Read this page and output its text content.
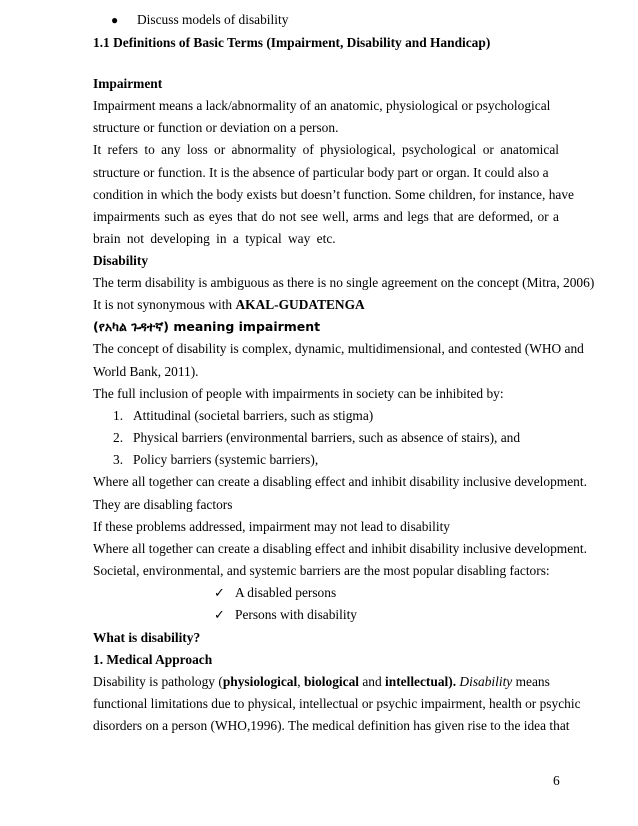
● Discuss models of disability
1.1 Definitions of Basic Terms (Impairment, Disability and Handicap)
Impairment
Impairment means a lack/abnormality of an anatomic, physiological or psychological
structure or function or deviation on a person.
It refers to any loss or abnormality of physiological, psychological or anatomical
structure or function. It is the absence of particular body part or organ. It could also a
condition in which the body exists but doesn’t function. Some children, for instance, have
impairments such as eyes that do not see well, arms and legs that are deformed, or a
brain not developing in a typical way etc.
Disability
The term disability is ambiguous as there is no single agreement on the concept (Mitra, 2006)
It is not synonymous with AKAL-GUDATENGA
(የአካል ጉዳተኛ) meaning impairment
The concept of disability is complex, dynamic, multidimensional, and contested (WHO and
World Bank, 2011).
The full inclusion of people with impairments in society can be inhibited by:
1. Attitudinal (societal barriers, such as stigma)
2. Physical barriers (environmental barriers, such as absence of stairs), and
3. Policy barriers (systemic barriers),
Where all together can create a disabling effect and inhibit disability inclusive development.
They are disabling factors
If these problems addressed, impairment may not lead to disability
Where all together can create a disabling effect and inhibit disability inclusive development.
Societal, environmental, and systemic barriers are the most popular disabling factors:
✓ A disabled persons
✓ Persons with disability
What is disability?
1. Medical Approach
Disability is pathology (physiological, biological and intellectual). Disability means
functional limitations due to physical, intellectual or psychic impairment, health or psychic
disorders on a person (WHO,1996). The medical definition has given rise to the idea that
6
